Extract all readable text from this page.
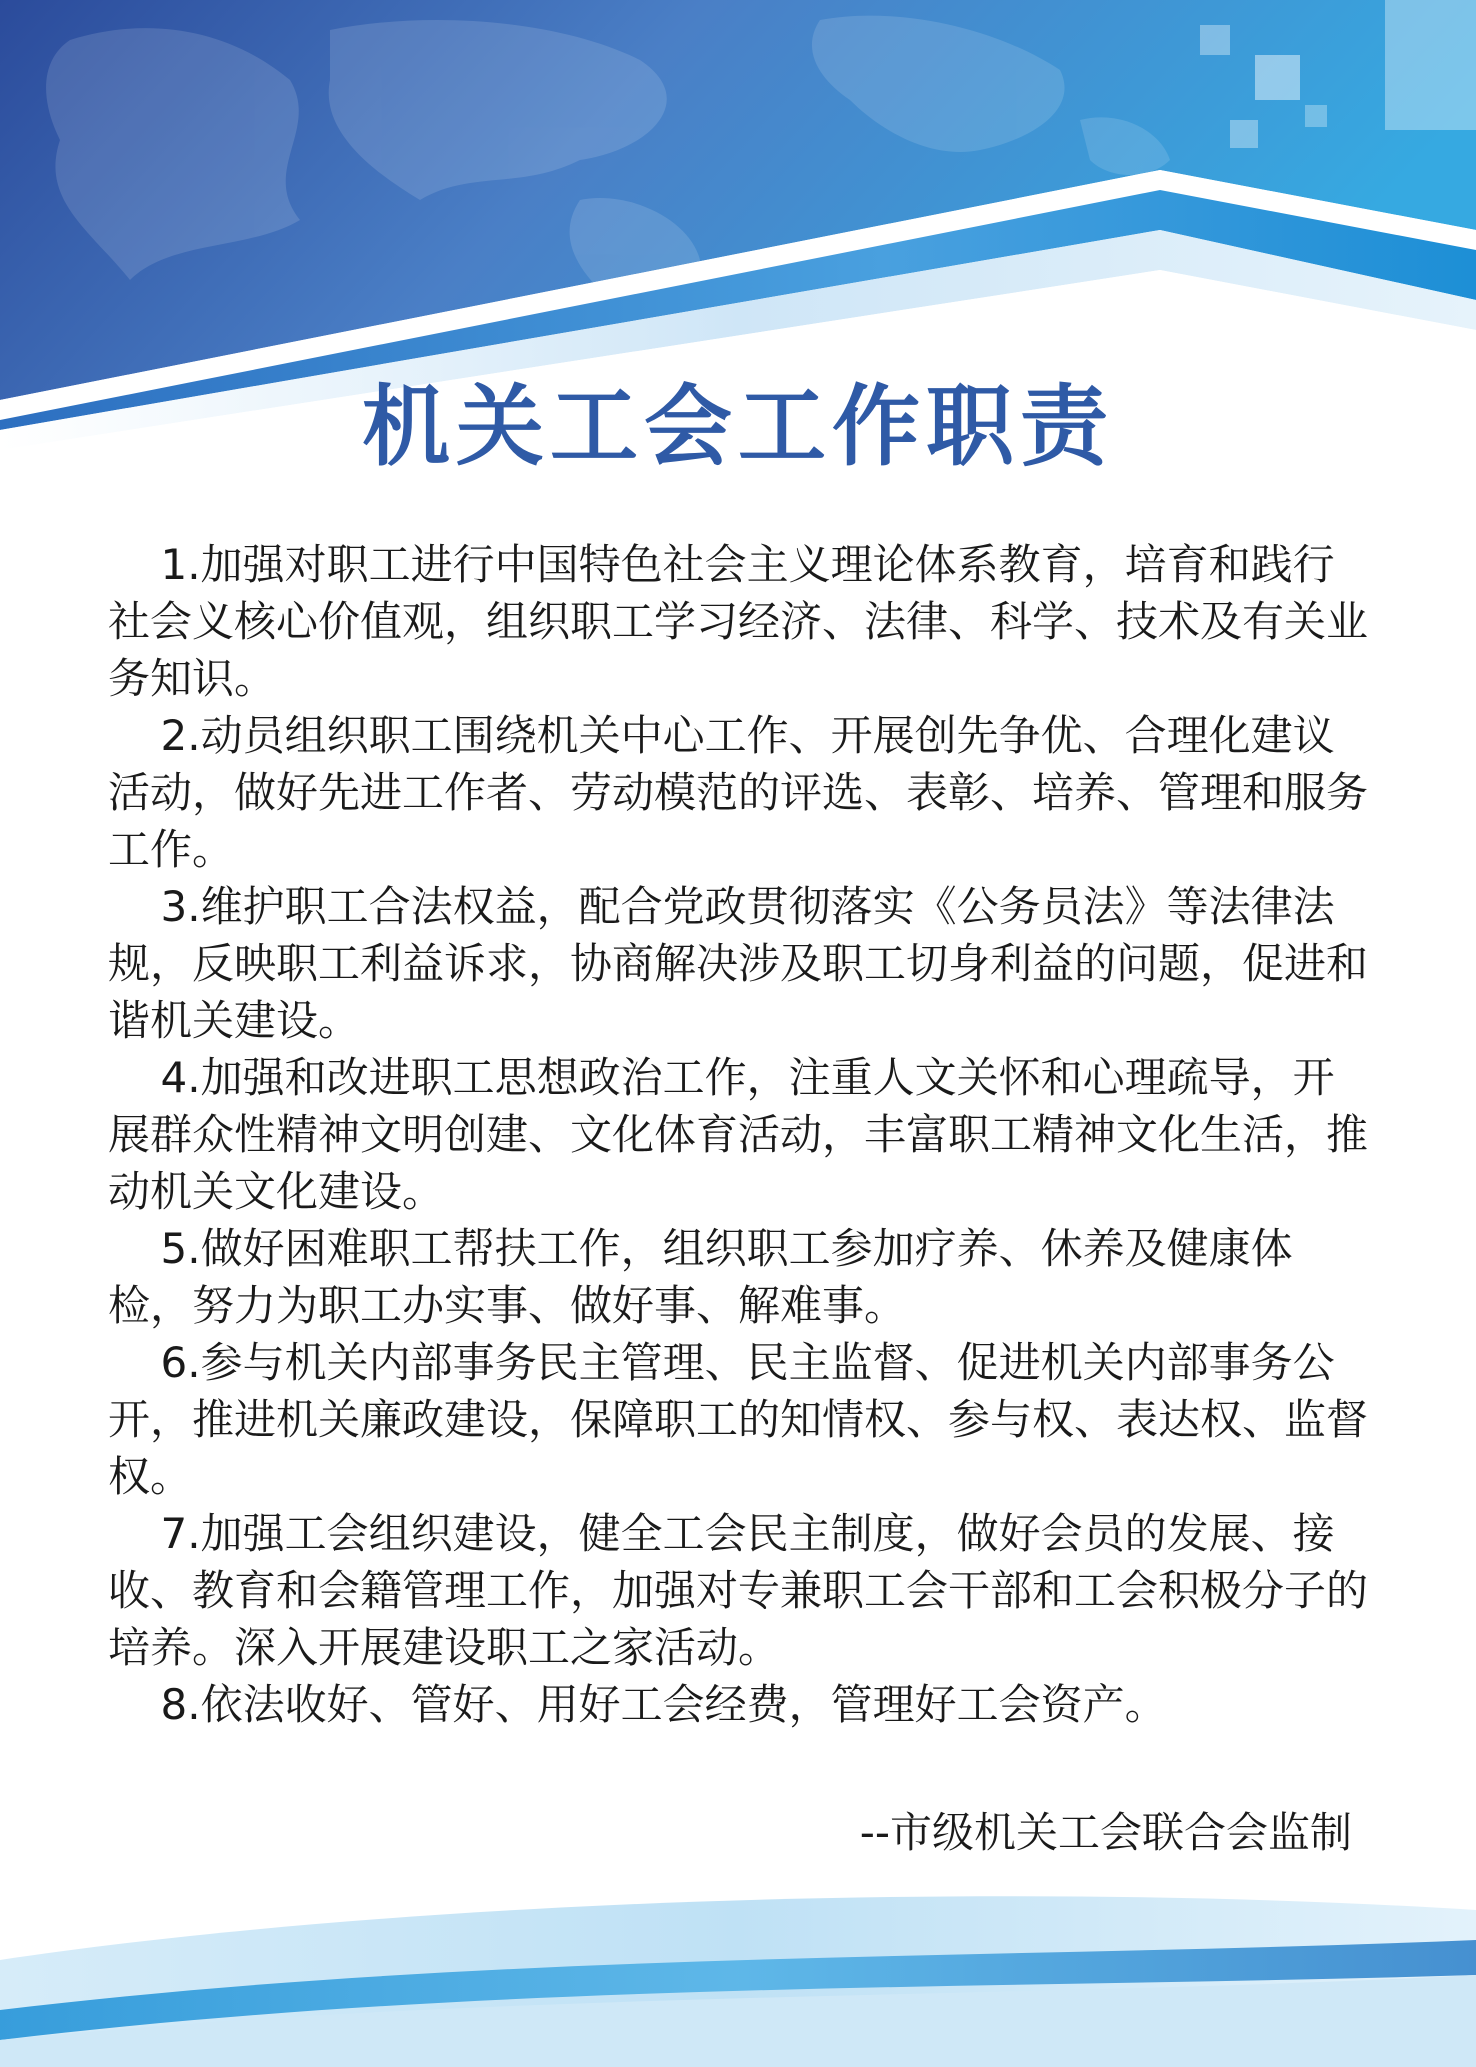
机关工会工作职责

1.加强对职工进行中国特色社会主义理论体系教育，培育和践行社会义核心价值观，组织职工学习经济、法律、科学、技术及有关业务知识。

2.动员组织职工围绕机关中心工作、开展创先争优、合理化建议活动，做好先进工作者、劳动模范的评选、表彰、培养、管理和服务工作。

3.维护职工合法权益，配合党政贯彻落实《公务员法》等法律法规，反映职工利益诉求，协商解决涉及职工切身利益的问题，促进和谐机关建设。

4.加强和改进职工思想政治工作，注重人文关怀和心理疏导，开展群众性精神文明创建、文化体育活动，丰富职工精神文化生活，推动机关文化建设。

5.做好困难职工帮扶工作，组织职工参加疗养、休养及健康体检，努力为职工办实事、做好事、解难事。

6.参与机关内部事务民主管理、民主监督、促进机关内部事务公开，推进机关廉政建设，保障职工的知情权、参与权、表达权、监督权。

7.加强工会组织建设，健全工会民主制度，做好会员的发展、接收、教育和会籍管理工作，加强对专兼职工会干部和工会积极分子的培养。深入开展建设职工之家活动。

8.依法收好、管好、用好工会经费，管理好工会资产。

--市级机关工会联合会监制
